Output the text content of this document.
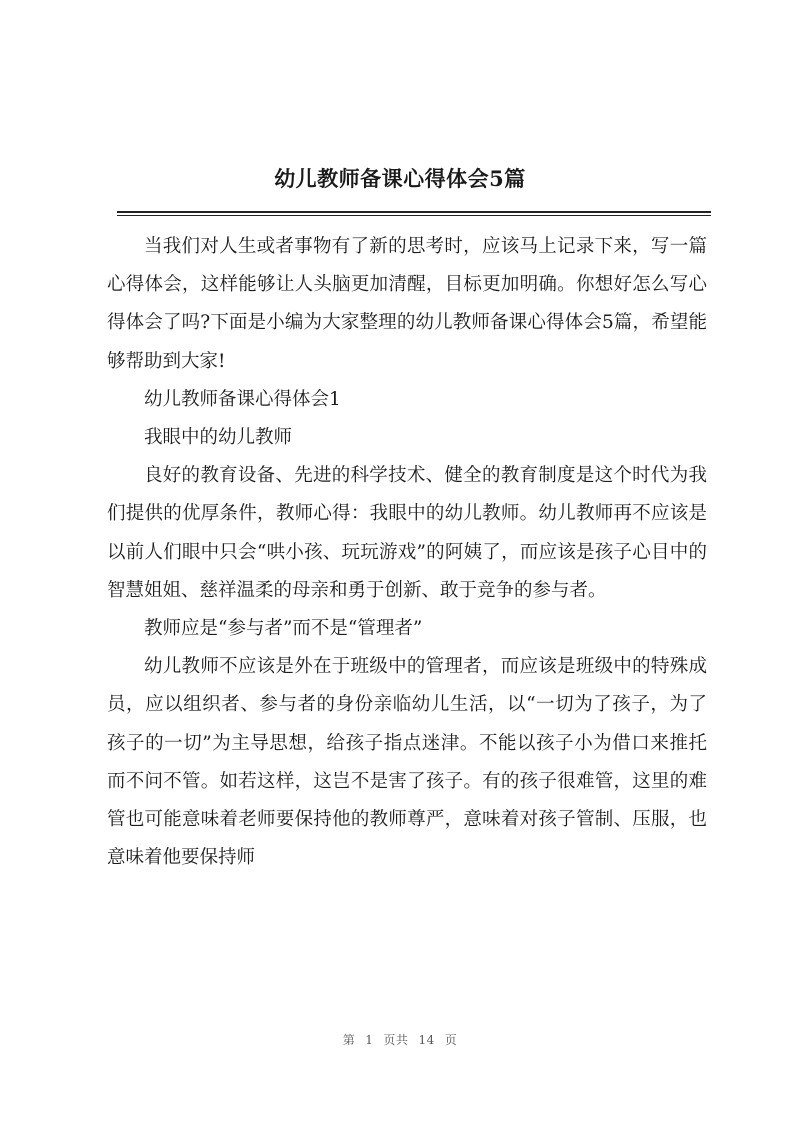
幼儿教师备课心得体会5篇

当我们对人生或者事物有了新的思考时，应该马上记录下来，写一篇心得体会，这样能够让人头脑更加清醒，目标更加明确。你想好怎么写心得体会了吗?下面是小编为大家整理的幼儿教师备课心得体会5篇，希望能够帮助到大家!

幼儿教师备课心得体会1

我眼中的幼儿教师

良好的教育设备、先进的科学技术、健全的教育制度是这个时代为我们提供的优厚条件，教师心得：我眼中的幼儿教师。幼儿教师再不应该是以前人们眼中只会“哄小孩、玩玩游戏”的阿姨了，而应该是孩子心目中的智慧姐姐、慈祥温柔的母亲和勇于创新、敢于竞争的参与者。

教师应是“参与者”而不是“管理者”

幼儿教师不应该是外在于班级中的管理者，而应该是班级中的特殊成员，应以组织者、参与者的身份亲临幼儿生活，以“一切为了孩子，为了孩子的一切”为主导思想，给孩子指点迷津。不能以孩子小为借口来推托而不问不管。如若这样，这岂不是害了孩子。有的孩子很难管，这里的难管也可能意味着老师要保持他的教师尊严，意味着对孩子管制、压服，也意味着他要保持师

第 1 页共 14 页
